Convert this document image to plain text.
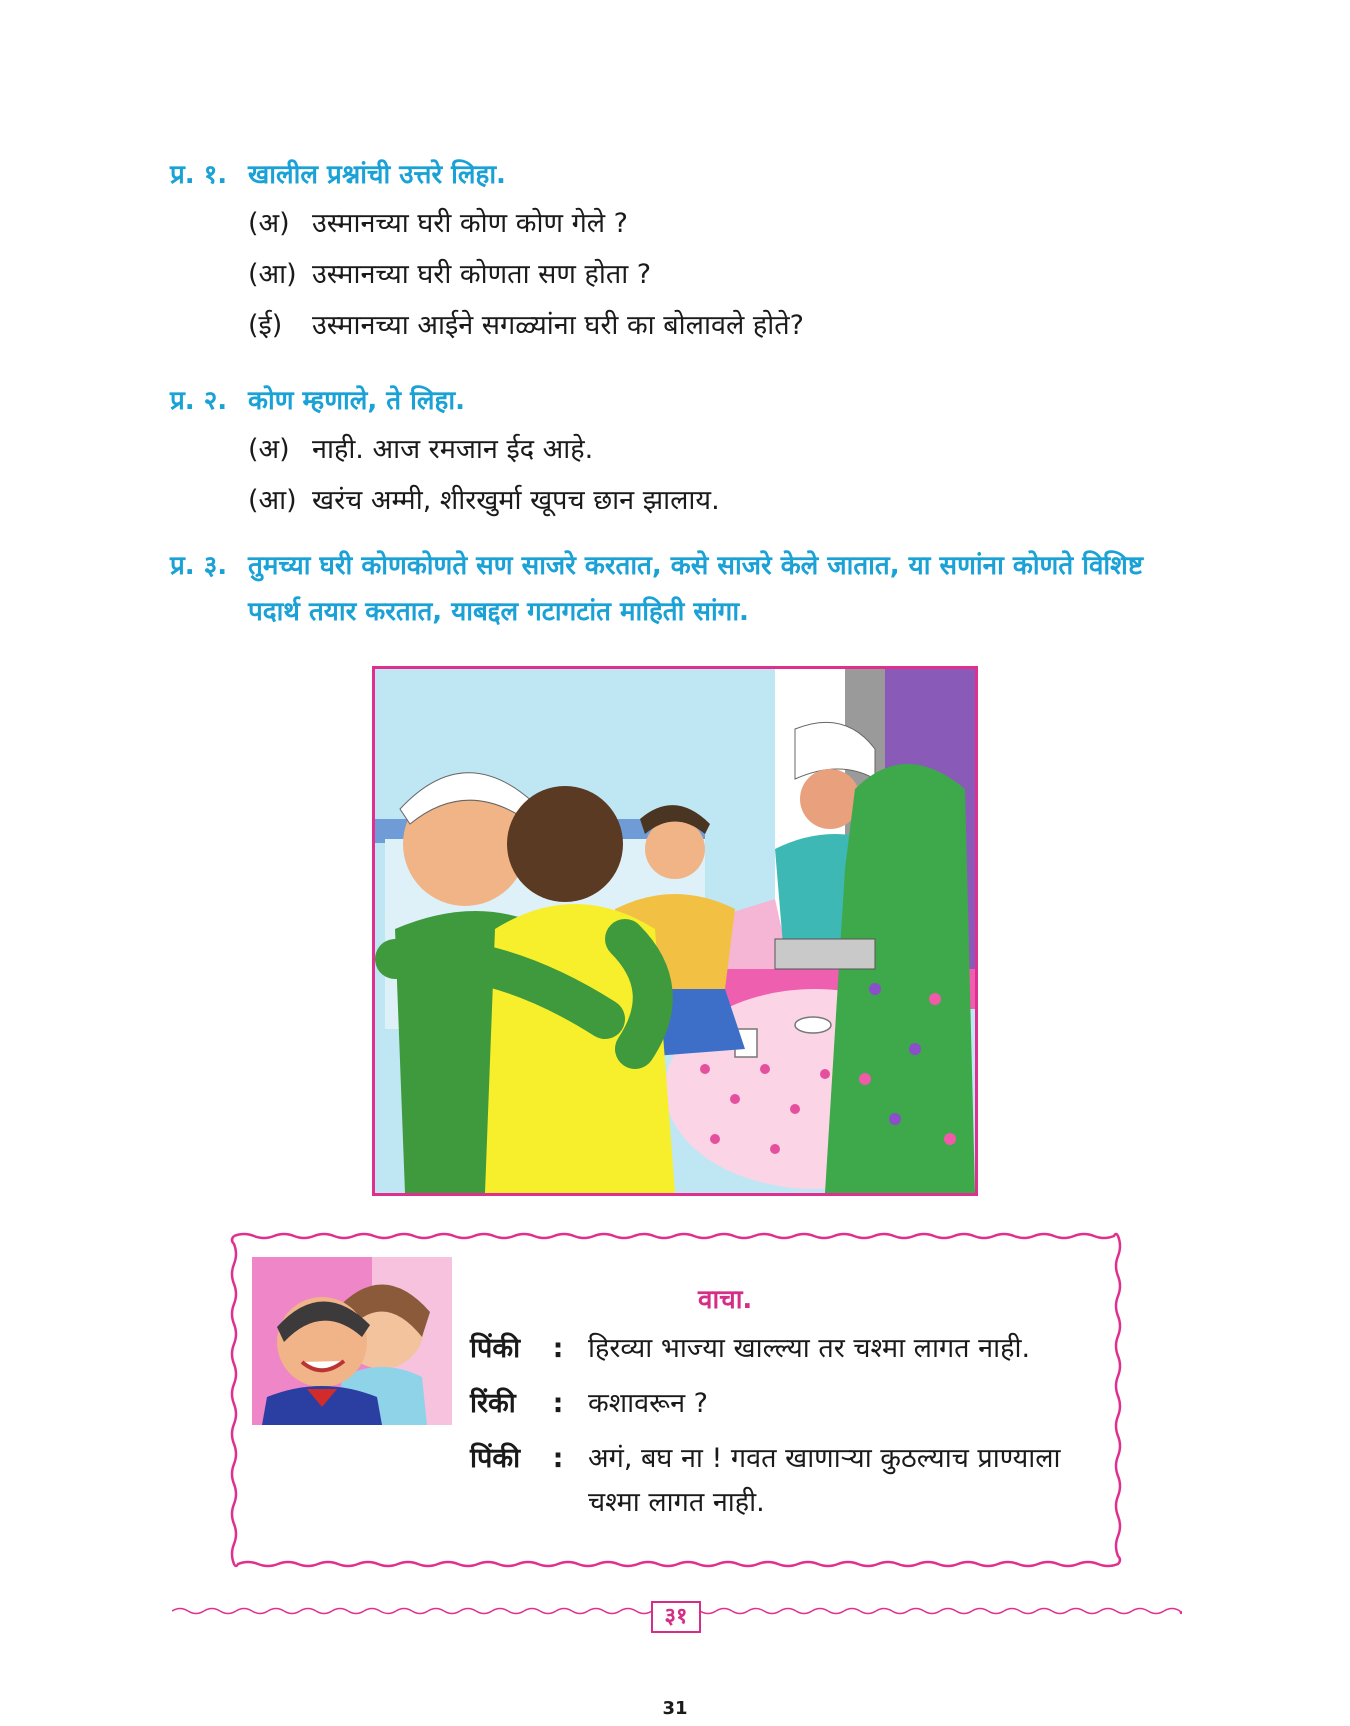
प्र. १. खालील प्रश्नांची उत्तरे लिहा.
(अ) उस्मानच्या घरी कोण कोण गेले ?
(आ) उस्मानच्या घरी कोणता सण होता ?
(ई)	उस्मानच्या आईने सगळ्यांना घरी का बोलावले होते?
प्र. २. कोण म्हणाले, ते लिहा.
(अ) नाही. आज रमजान ईद आहे.
(आ) खरंच अम्मी, शीरखुर्मा खूपच छान झालाय.
प्र. ३. तुमच्या घरी कोणकोणते सण साजरे करतात, कसे साजरे केले जातात, या सणांना कोणते विशिष्ट पदार्थ तयार करतात, याबद्दल गटागटांत माहिती सांगा.
वाचा.
पिंकी	: हिरव्या भाज्या खाल्ल्या तर चश्मा लागत नाही.
रिंकी	: कशावरून ?
पिंकी	: अगं, बघ ना ! गवत खाणाऱ्या कुठल्याच प्राण्याला चश्मा लागत नाही.
३१
31
